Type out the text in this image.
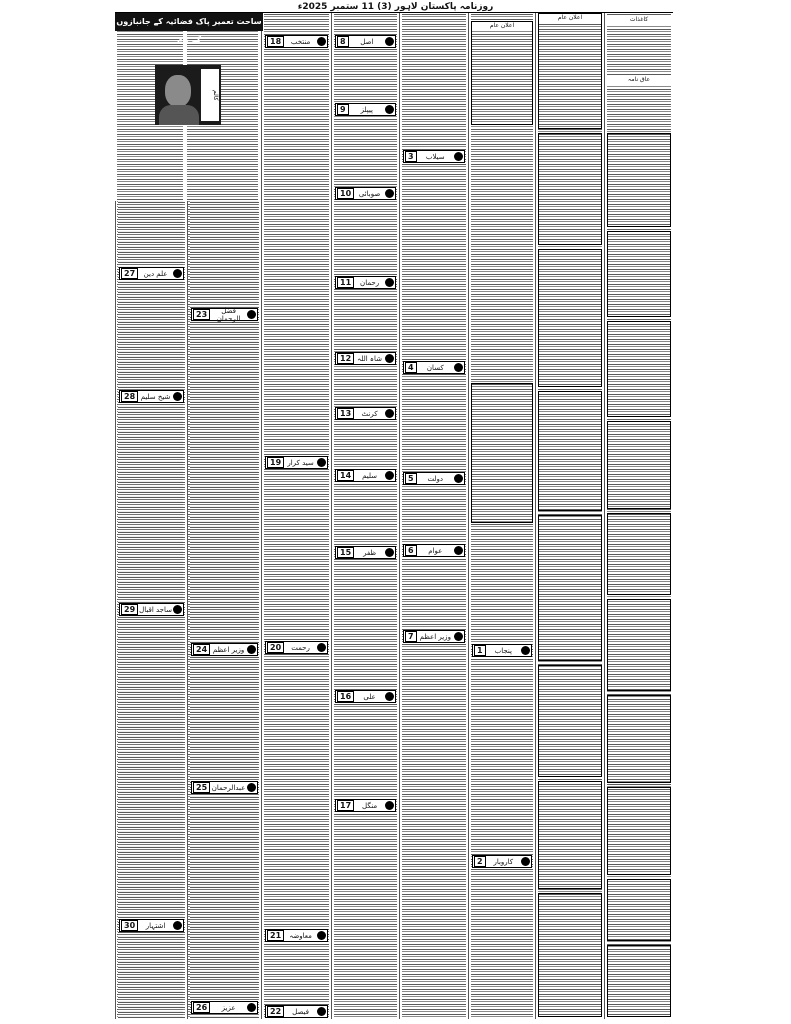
روزنامہ پاکستان لاہور (3) 11 ستمبر 2025ء
ساحت تعمیر پاک فضائیہ کے جانبازوں کے نام
کالم
علم دین
27
شیخ سلیم
28
ساجد اقبال
29
اشتہار
30
فضل الرحمان
23
وزیر اعظم
24
عبدالرحمان
25
عزیز
26
منتخب
18
سید کرار
19
رحمت
20
معاوضہ
21
فیصل
22
اصل
8
پیپلز
9
صوبائی
10
رحمان
11
شاہ اللہ
12
کرنٹ
13
سلیم
14
ظفر
15
علی
16
منگل
17
سیلاب
3
کسان
4
دولت
5
عوام
6
وزیر اعظم
7
اعلان عام
پنجاب
1
کاروبار
2
اعلان عام	کاغذات
عاق نامہ
